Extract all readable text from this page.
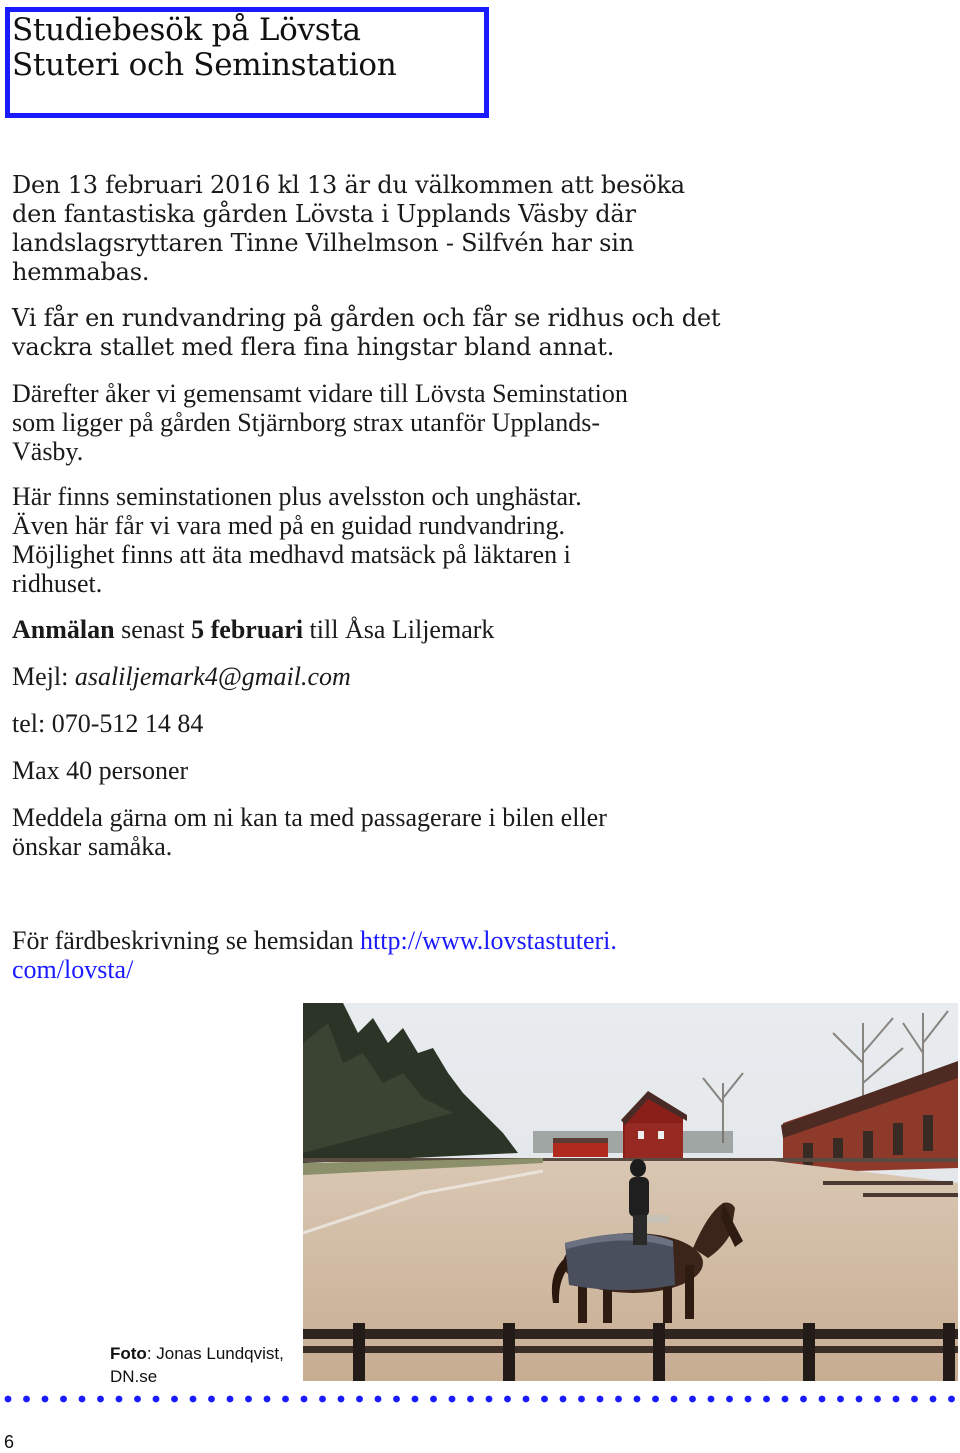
Studiebesök på Lövsta
Stuteri och Seminstation
Den 13 februari 2016 kl 13 är du välkommen att besöka
den fantastiska gården Lövsta i Upplands Väsby där
landslagsryttaren Tinne Vilhelmson - Silfvén har sin
hemmabas.
Vi får en rundvandring på gården och får se ridhus och det
vackra stallet med flera fina hingstar bland annat.
Därefter åker vi gemensamt vidare till Lövsta Seminstation
som ligger på gården Stjärnborg strax utanför Upplands-
Väsby.
Här finns seminstationen plus avelsston och unghästar.
Även här får vi vara med på en guidad rundvandring.
Möjlighet finns att äta medhavd matsäck på läktaren i
ridhuset.
Anmälan senast 5 februari till Åsa Liljemark
Mejl: asaliljemark4@gmail.com
tel: 070-512 14 84
Max 40 personer
Meddela gärna om ni kan ta med passagerare i bilen eller
önskar samåka.
För färdbeskrivning se hemsidan http://www.lovstastuteri.
com/lovsta/
Foto: Jonas Lundqvist,
DN.se
6
